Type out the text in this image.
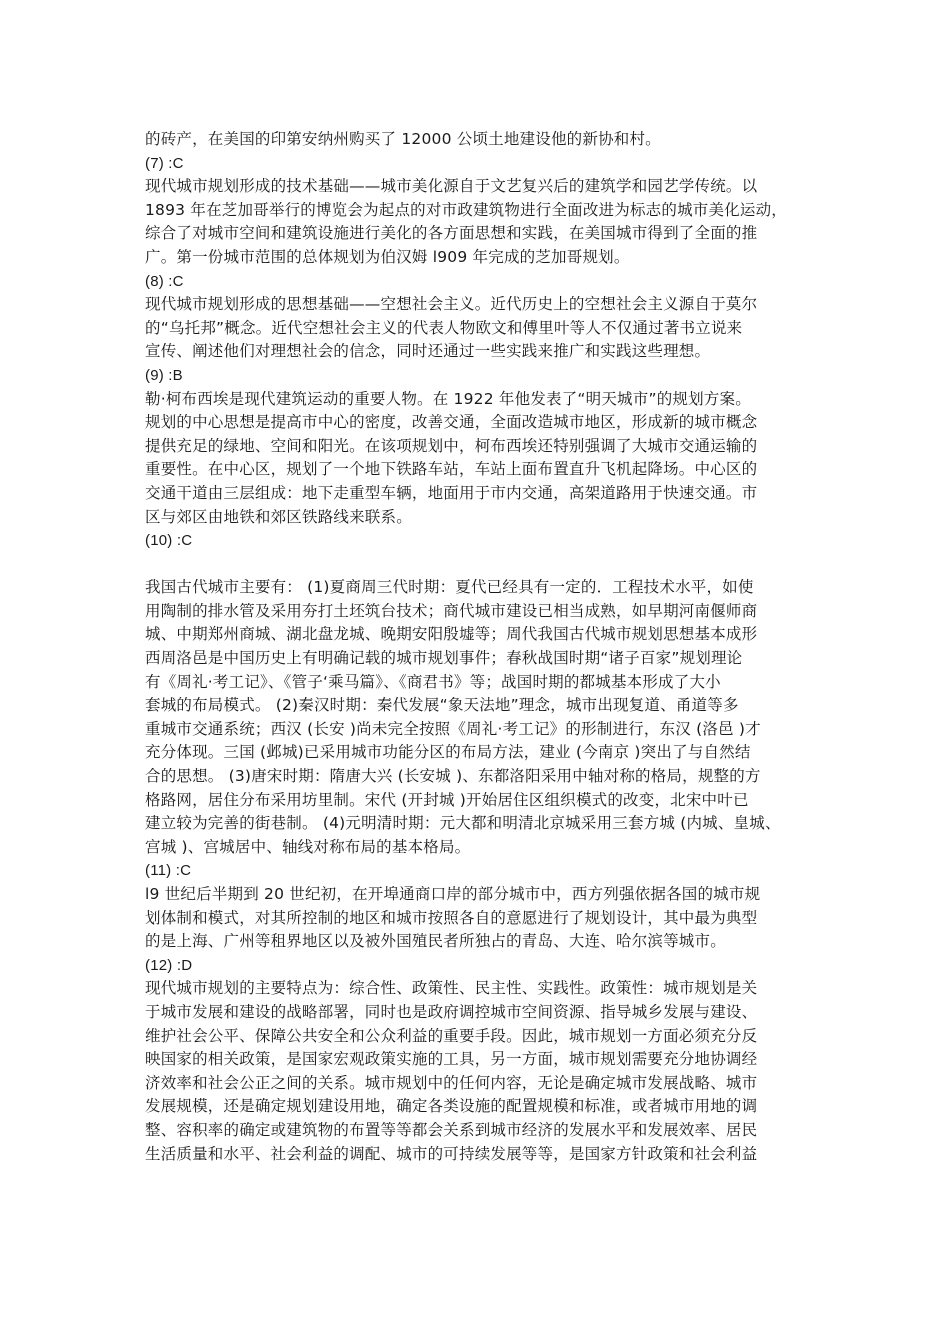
的砖产，在美国的印第安纳州购买了 12000 公顷土地建设他的新协和村。
(7) :C
现代城市规划形成的技术基础——城市美化源自于文艺复兴后的建筑学和园艺学传统。以
1893 年在芝加哥举行的博览会为起点的对市政建筑物进行全面改进为标志的城市美化运动，
综合了对城市空间和建筑设施进行美化的各方面思想和实践，在美国城市得到了全面的推
广。第一份城市范围的总体规划为伯汉姆 l909 年完成的芝加哥规划。
(8) :C
现代城市规划形成的思想基础——空想社会主义。近代历史上的空想社会主义源自于莫尔
的“乌托邦”概念。近代空想社会主义的代表人物欧文和傅里叶等人不仅通过著书立说来
宣传、阐述他们对理想社会的信念，同时还通过一些实践来推广和实践这些理想。
(9) :B
勒·柯布西埃是现代建筑运动的重要人物。在 1922 年他发表了“明天城市”的规划方案。
规划的中心思想是提高市中心的密度，改善交通，全面改造城市地区，形成新的城市概念
提供充足的绿地、空间和阳光。在该项规划中，柯布西埃还特别强调了大城市交通运输的
重要性。在中心区，规划了一个地下铁路车站，车站上面布置直升飞机起降场。中心区的
交通干道由三层组成：地下走重型车辆，地面用于市内交通，高架道路用于快速交通。市
区与郊区由地铁和郊区铁路线来联系。
(10) :C
我国古代城市主要有： (1)夏商周三代时期：夏代已经具有一定的．工程技术水平，如使
用陶制的排水管及采用夯打土坯筑台技术；商代城市建设已相当成熟，如早期河南偃师商
城、中期郑州商城、湖北盘龙城、晚期安阳殷墟等；周代我国古代城市规划思想基本成形
西周洛邑是中国历史上有明确记载的城市规划事件；春秋战国时期“诸子百家”规划理论
有《周礼·考工记》、《管子‘乘马篇》、《商君书》等；战国时期的都城基本形成了大小
套城的布局模式。 (2)秦汉时期：秦代发展“象天法地”理念，城市出现复道、甬道等多
重城市交通系统；西汉 (长安 )尚未完全按照《周礼·考工记》的形制进行，东汉 (洛邑 )才
充分体现。三国 (邺城)已采用城市功能分区的布局方法，建业 (今南京 )突出了与自然结
合的思想。 (3)唐宋时期：隋唐大兴 (长安城 )、东都洛阳采用中轴对称的格局，规整的方
格路网，居住分布采用坊里制。宋代 (开封城 )开始居住区组织模式的改变，北宋中叶已
建立较为完善的街巷制。 (4)元明清时期：元大都和明清北京城采用三套方城 (内城、皇城、
宫城 )、宫城居中、轴线对称布局的基本格局。
(11) :C
l9 世纪后半期到 20 世纪初，在开埠通商口岸的部分城市中，西方列强依据各国的城市规
划体制和模式，对其所控制的地区和城市按照各自的意愿进行了规划设计，其中最为典型
的是上海、广州等租界地区以及被外国殖民者所独占的青岛、大连、哈尔滨等城市。
(12) :D
现代城市规划的主要特点为：综合性、政策性、民主性、实践性。政策性：城市规划是关
于城市发展和建设的战略部署，同时也是政府调控城市空间资源、指导城乡发展与建设、
维护社会公平、保障公共安全和公众利益的重要手段。因此，城市规划一方面必须充分反
映国家的相关政策，是国家宏观政策实施的工具，另一方面，城市规划需要充分地协调经
济效率和社会公正之间的关系。城市规划中的任何内容，无论是确定城市发展战略、城市
发展规模，还是确定规划建设用地，确定各类设施的配置规模和标准，或者城市用地的调
整、容积率的确定或建筑物的布置等等都会关系到城市经济的发展水平和发展效率、居民
生活质量和水平、社会利益的调配、城市的可持续发展等等，是国家方针政策和社会利益
